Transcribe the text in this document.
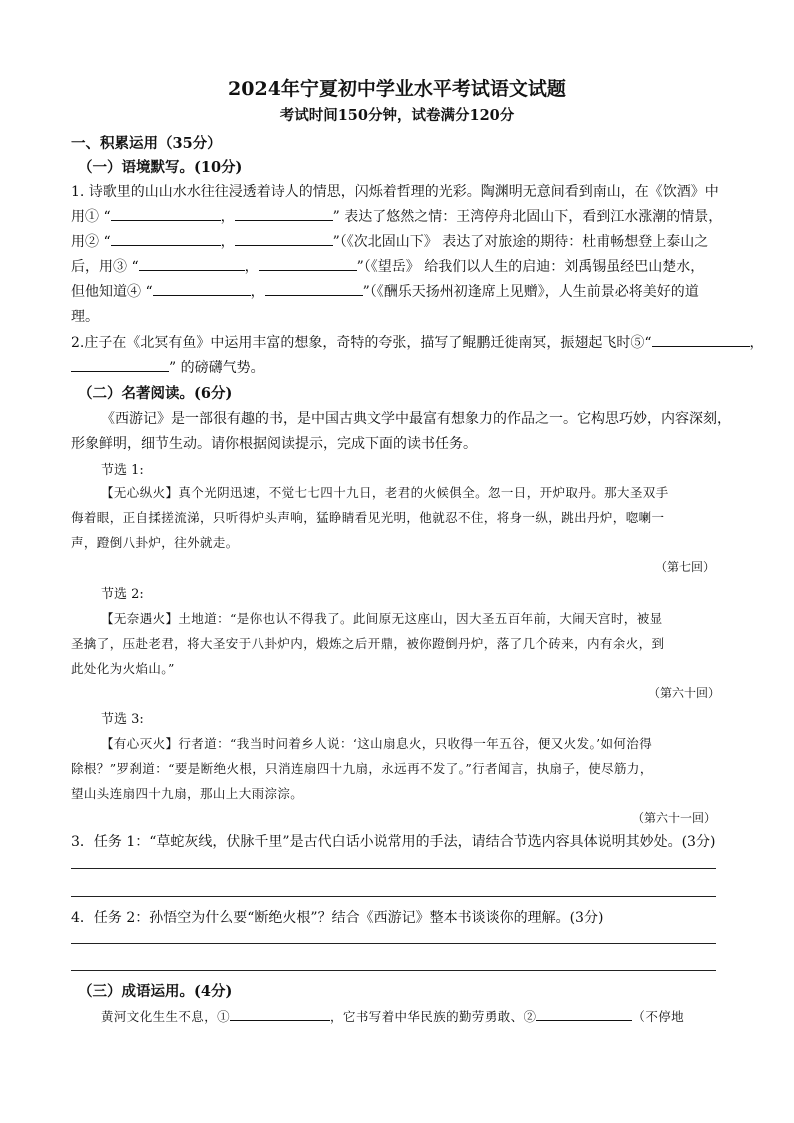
2024年宁夏初中学业水平考试语文试题
考试时间150分钟，试卷满分120分
一、积累运用（35分）
（一）语境默写。(10分)
1. 诗歌里的山山水水往往浸透着诗人的情思，闪烁着哲理的光彩。陶渊明无意间看到南山，在《饮酒》中
用① “	，	” 表达了悠然之情：王湾停舟北固山下，看到江水涨潮的情景，
用② “	，	”（《次北固山下》 表达了对旅途的期待：杜甫畅想登上泰山之
后，用③ “	，	”（《望岳》 给我们以人生的启迪：刘禹锡虽经巴山楚水，
但他知道④ “	，	”（《酬乐天扬州初逢席上见赠》，人生前景必将美好的道
理。
2.庄子在《北冥有鱼》中运用丰富的想象，奇特的夸张，描写了鲲鹏迁徙南冥，振翅起飞时⑤“	，
” 的磅礴气势。
（二）名著阅读。(6分)
《西游记》是一部很有趣的书，是中国古典文学中最富有想象力的作品之一。它构思巧妙，内容深刻，
形象鲜明，细节生动。请你根据阅读提示，完成下面的读书任务。
节选 1:
【无心纵火】真个光阴迅速，不觉七七四十九日，老君的火候俱全。忽一日，开炉取丹。那大圣双手
侮着眼，正自揉搓流涕，只听得炉头声响，猛睁睛看见光明，他就忍不住，将身一纵，跳出丹炉，唿喇一
声，蹬倒八卦炉，往外就走。
（第七回）
节选 2:
【无奈遇火】土地道：“是你也认不得我了。此间原无这座山，因大圣五百年前，大闹天宫时，被显
圣擒了，压赴老君，将大圣安于八卦炉内，煅炼之后开鼎，被你蹬倒丹炉，落了几个砖来，内有余火，到
此处化为火焰山。”
（第六十回）
节选 3:
【有心灭火】行者道：“我当时问着乡人说：‘这山扇息火，只收得一年五谷，便又火发。’如何治得
除根？”罗刹道：“要是断绝火根，只消连扇四十九扇，永远再不发了。”行者闻言，执扇子，使尽筋力，
望山头连扇四十九扇，那山上大雨淙淙。
（第六十一回）
3．任务 1：“草蛇灰线，伏脉千里”是古代白话小说常用的手法，请结合节选内容具体说明其妙处。(3分)
4．任务 2：孙悟空为什么要“断绝火根”？结合《西游记》整本书谈谈你的理解。(3分)
（三）成语运用。(4分)
黄河文化生生不息，①	，它书写着中华民族的勤劳勇敢、②	（不停地
